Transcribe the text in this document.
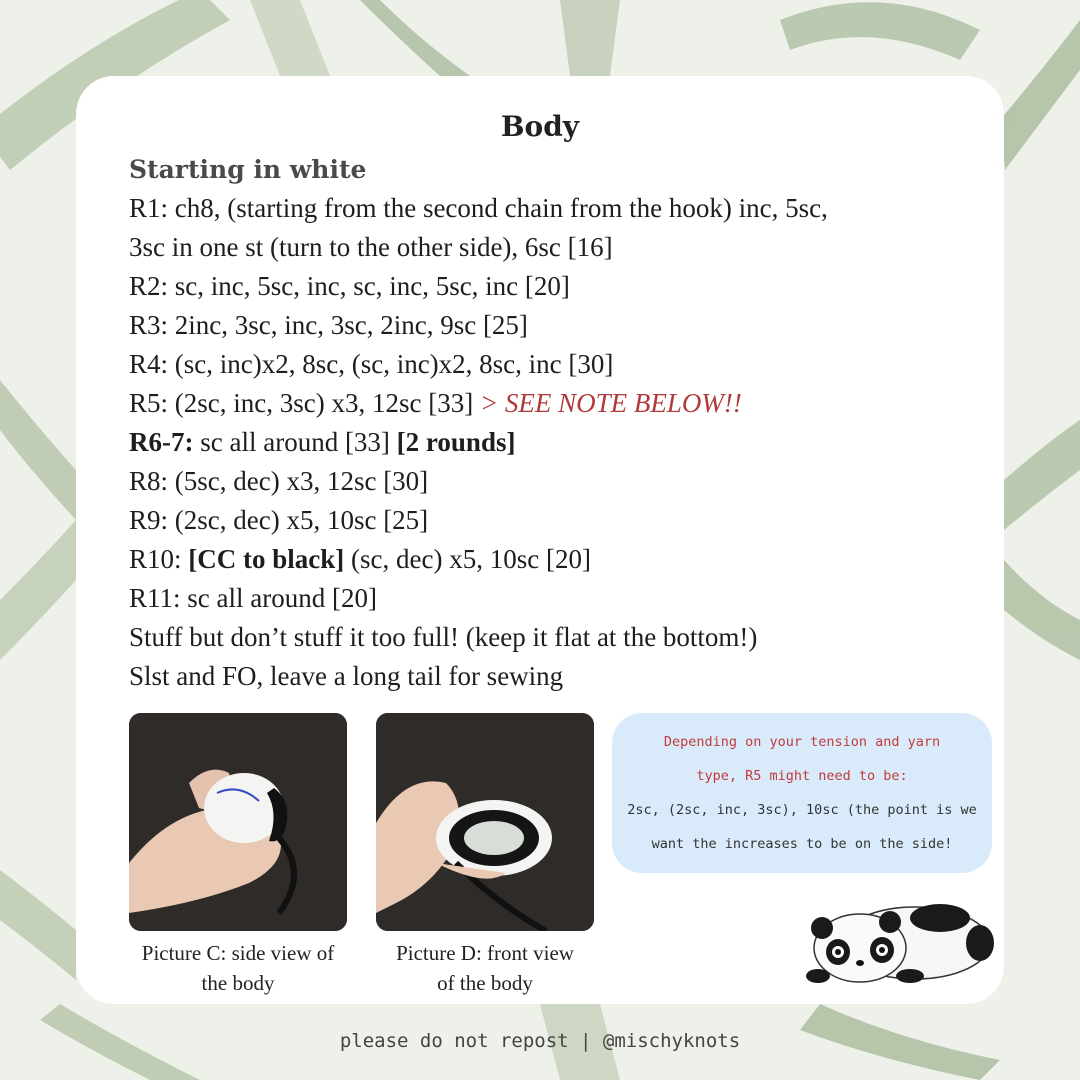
Body
Starting in white
R1: ch8, (starting from the second chain from the hook) inc, 5sc,
3sc in one st (turn to the other side), 6sc [16]
R2: sc, inc, 5sc, inc, sc, inc, 5sc, inc [20]
R3: 2inc, 3sc, inc, 3sc, 2inc, 9sc [25]
R4: (sc, inc)x2, 8sc, (sc, inc)x2, 8sc, inc [30]
R5: (2sc, inc, 3sc) x3, 12sc [33] > SEE NOTE BELOW!!
R6-7: sc all around [33] [2 rounds]
R8: (5sc, dec) x3, 12sc [30]
R9: (2sc, dec) x5, 10sc [25]
R10: [CC to black] (sc, dec) x5, 10sc [20]
R11: sc all around [20]
Stuff but don’t stuff it too full! (keep it flat at the bottom!)
Slst and FO, leave a long tail for sewing
Picture C: side view of
the body
Picture D: front view
of the body
Depending on your tension and yarn
type, R5 might need to be:
2sc, (2sc, inc, 3sc), 10sc (the point is we
want the increases to be on the side!
please do not repost | @mischyknots
